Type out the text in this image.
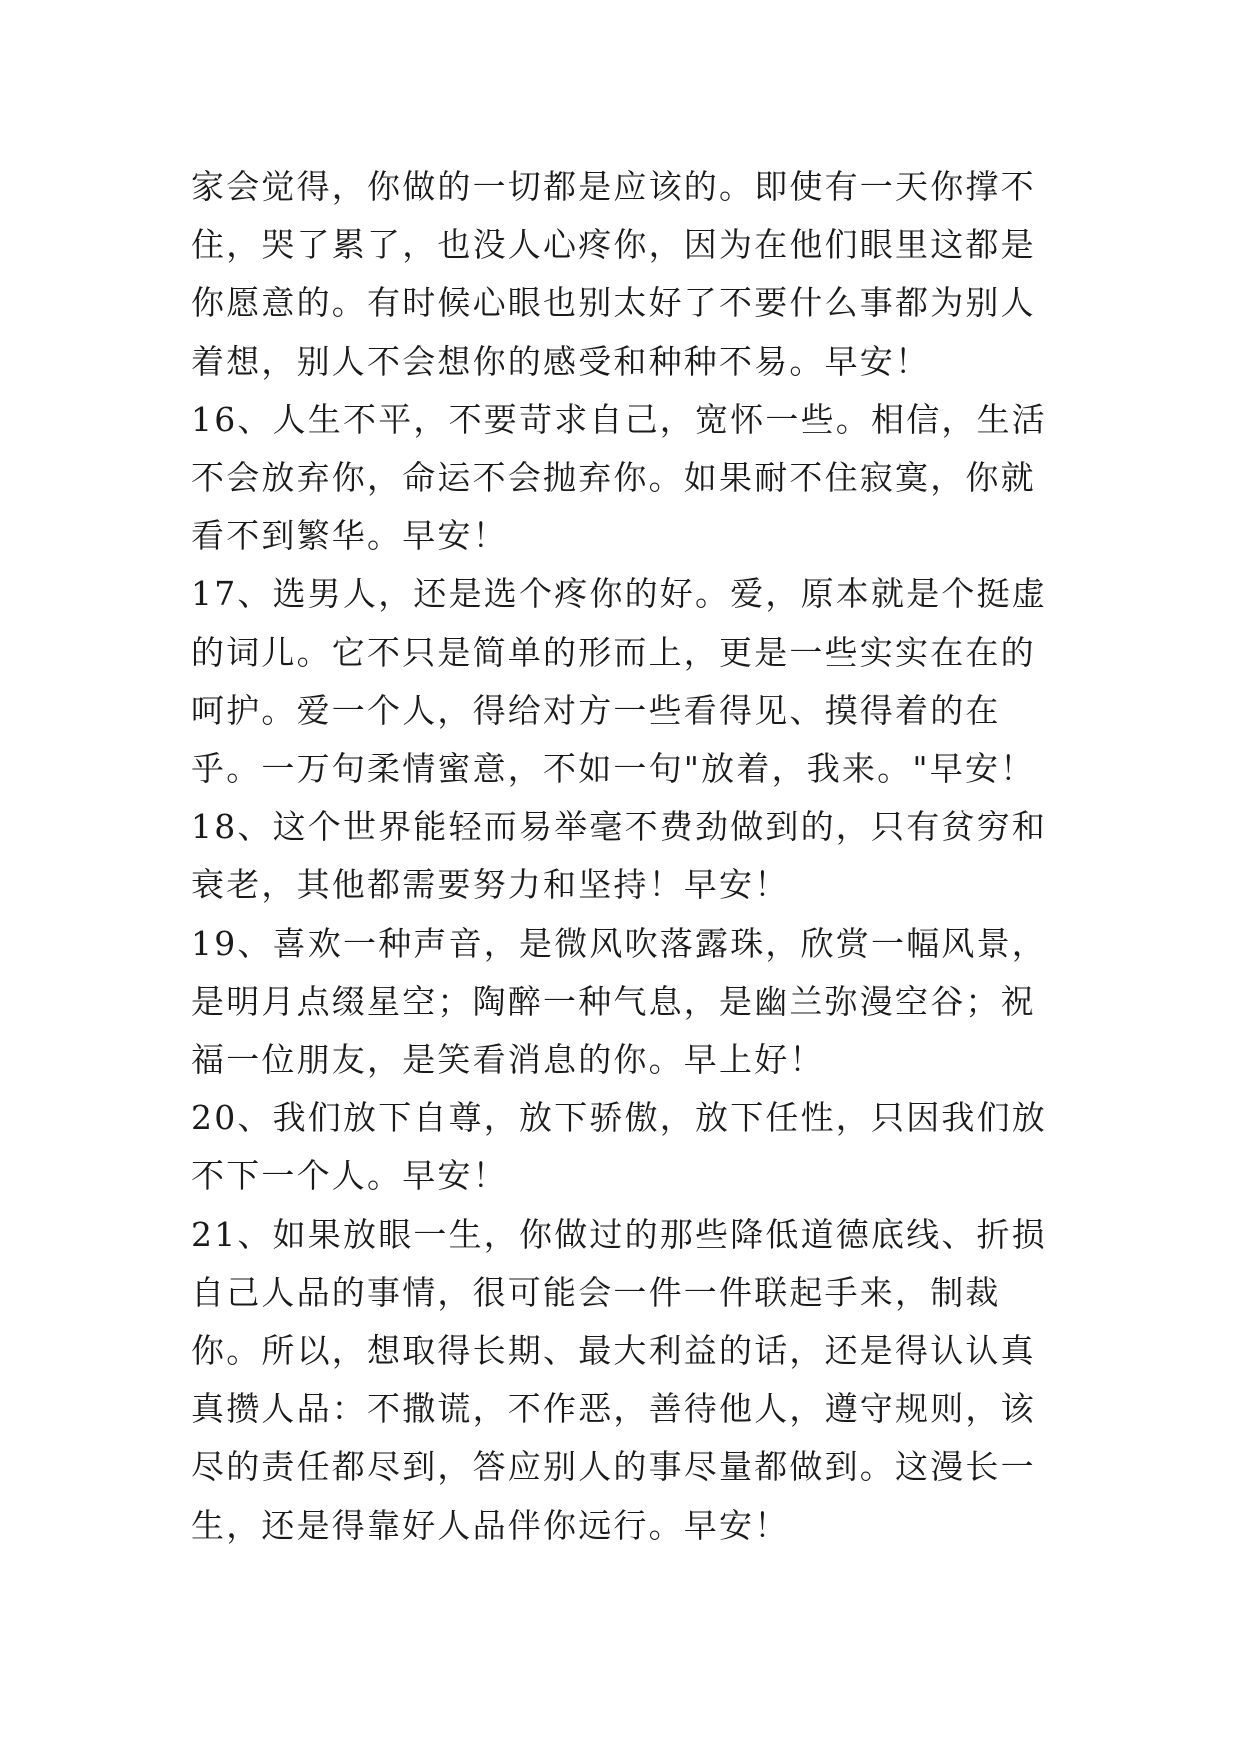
家会觉得，你做的一切都是应该的。即使有一天你撑不住，哭了累了，也没人心疼你，因为在他们眼里这都是你愿意的。有时候心眼也别太好了不要什么事都为别人着想，别人不会想你的感受和种种不易。早安！

16、人生不平，不要苛求自己，宽怀一些。相信，生活不会放弃你，命运不会抛弃你。如果耐不住寂寞，你就看不到繁华。早安！

17、选男人，还是选个疼你的好。爱，原本就是个挺虚的词儿。它不只是简单的形而上，更是一些实实在在的呵护。爱一个人，得给对方一些看得见、摸得着的在乎。一万句柔情蜜意，不如一句"放着，我来。"早安！

18、这个世界能轻而易举毫不费劲做到的，只有贫穷和衰老，其他都需要努力和坚持！早安！

19、喜欢一种声音，是微风吹落露珠，欣赏一幅风景，是明月点缀星空；陶醉一种气息，是幽兰弥漫空谷；祝福一位朋友，是笑看消息的你。早上好！

20、我们放下自尊，放下骄傲，放下任性，只因我们放不下一个人。早安！

21、如果放眼一生，你做过的那些降低道德底线、折损自己人品的事情，很可能会一件一件联起手来，制裁你。所以，想取得长期、最大利益的话，还是得认认真真攒人品：不撒谎，不作恶，善待他人，遵守规则，该尽的责任都尽到，答应别人的事尽量都做到。这漫长一生，还是得靠好人品伴你远行。早安！
